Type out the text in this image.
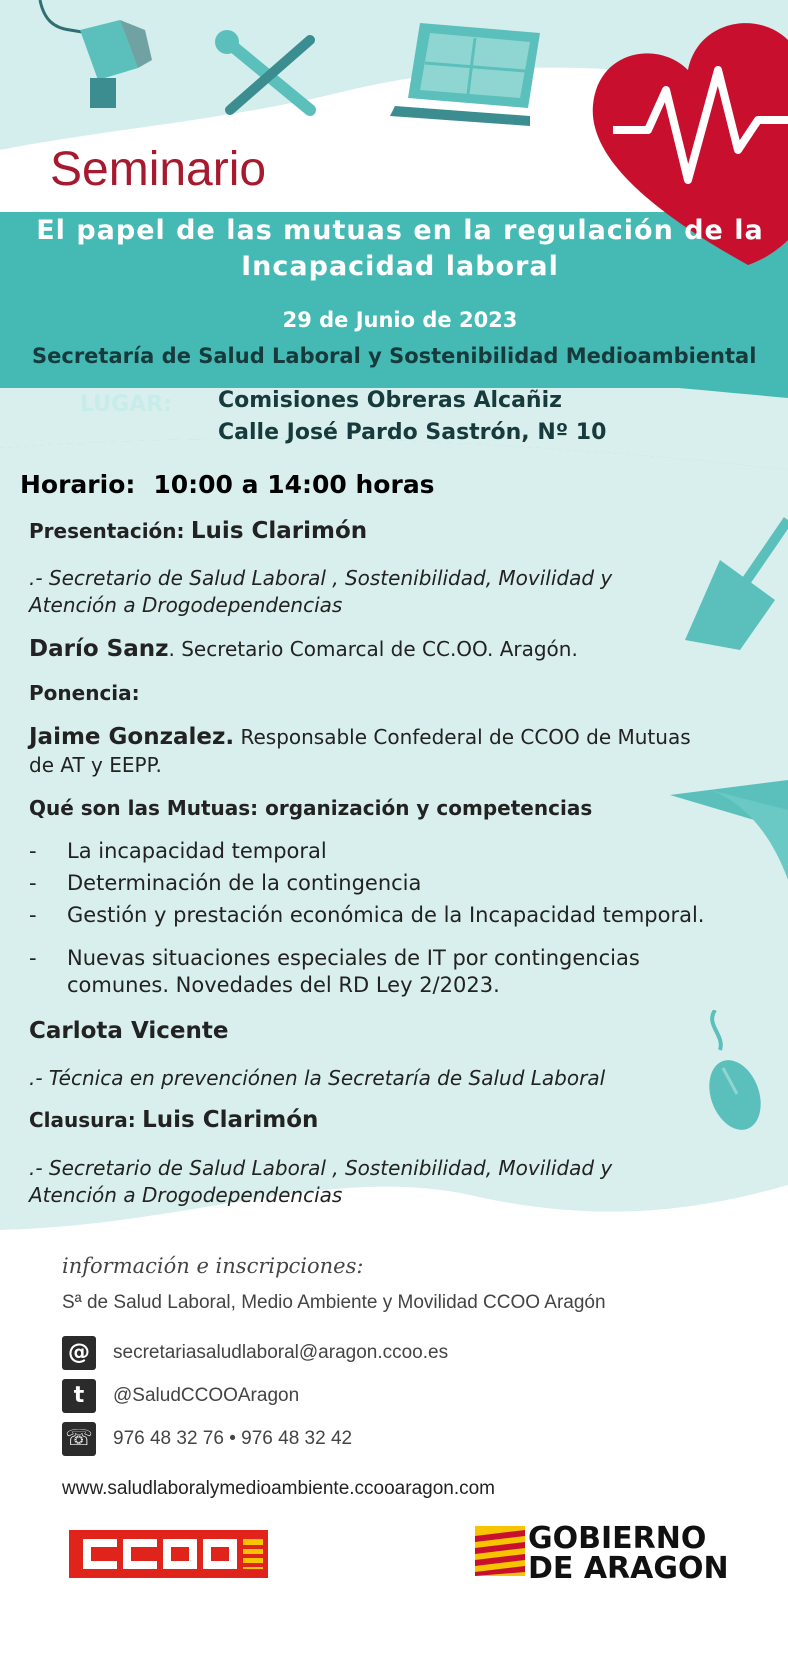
Seminario

El papel de las mutuas en la regulación de la

Incapacidad laboral

29 de Junio de 2023

Secretaría de Salud Laboral y Sostenibilidad Medioambiental

LUGAR: Comisiones Obreras Alcañiz

Calle José Pardo Sastrón, Nº 10

Horario: 10:00 a 14:00 horas

Presentación: Luis Clarimón

.- Secretario de Salud Laboral , Sostenibilidad, Movilidad y

Atención a Drogodependencias

Darío Sanz. Secretario Comarcal de CC.OO. Aragón.

Ponencia:

Jaime Gonzalez. Responsable Confederal de CCOO de Mutuas

de AT y EEPP.

Qué son las Mutuas: organización y competencias

-	La incapacidad temporal
-	Determinación de la contingencia
-	Gestión y prestación económica de la Incapacidad temporal.
-	Nuevas situaciones especiales de IT por contingencias comunes. Novedades del RD Ley 2/2023.

Carlota Vicente

.- Técnica en prevenciónen la Secretaría de Salud Laboral

Clausura: Luis Clarimón

.- Secretario de Salud Laboral , Sostenibilidad, Movilidad y

Atención a Drogodependencias

información e inscripciones:

Sª de Salud Laboral, Medio Ambiente y Movilidad CCOO Aragón

@	secretariasaludlaboral@aragon.ccoo.es

t	@SaludCCOOAragon

☏ 976 48 32 76 • 976 48 32 42

www.saludlaboralymedioambiente.ccooaragon.com

GOBIERNO
DE ARAGON
